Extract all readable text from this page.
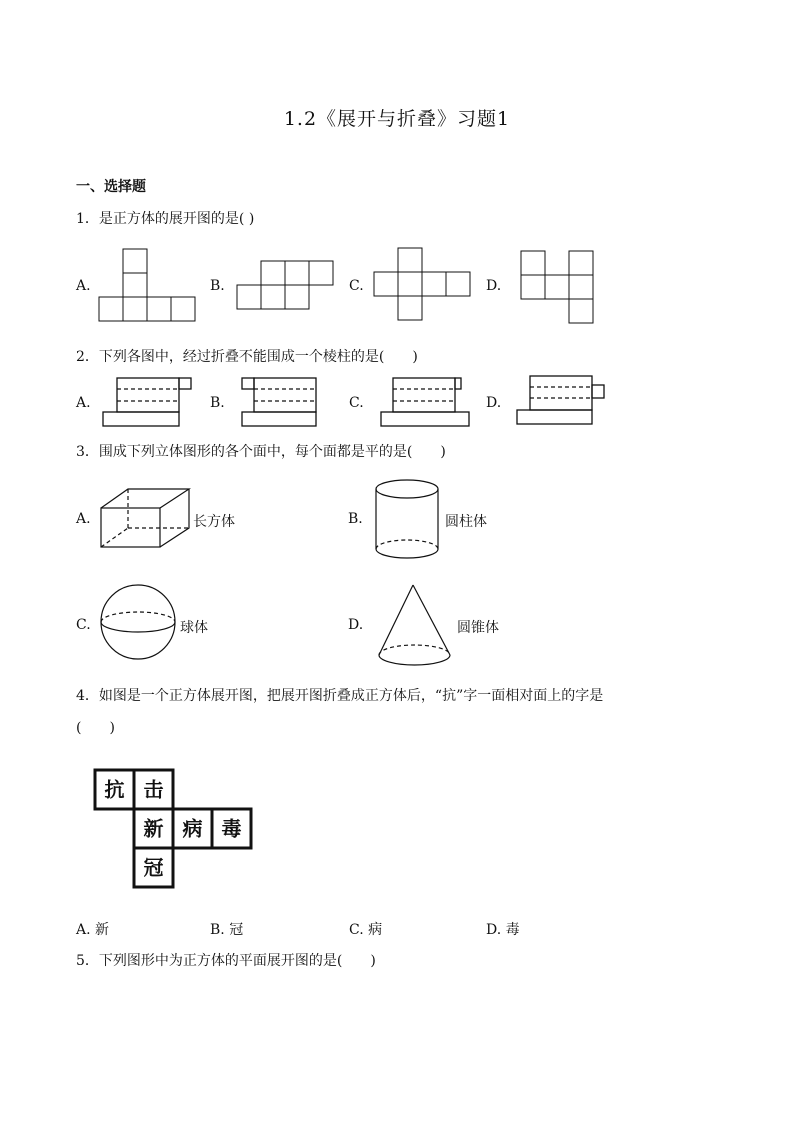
1.2《展开与折叠》习题1
一、选择题
1．是正方体的展开图的是( )
A.	B.	C.	D.
抗 击
新 病 毒
冠
2．下列各图中，经过折叠不能围成一个棱柱的是(　　)
A.	B.	C.	D.
3．围成下列立体图形的各个面中，每个面都是平的是(　　)
A.	长方体	B.	圆柱体
C.	球体	D.	圆锥体
4．如图是一个正方体展开图，把展开图折叠成正方体后，“抗”字一面相对面上的字是
(　　)
A. 新	B. 冠	C. 病	D. 毒
5．下列图形中为正方体的平面展开图的是(　　)
